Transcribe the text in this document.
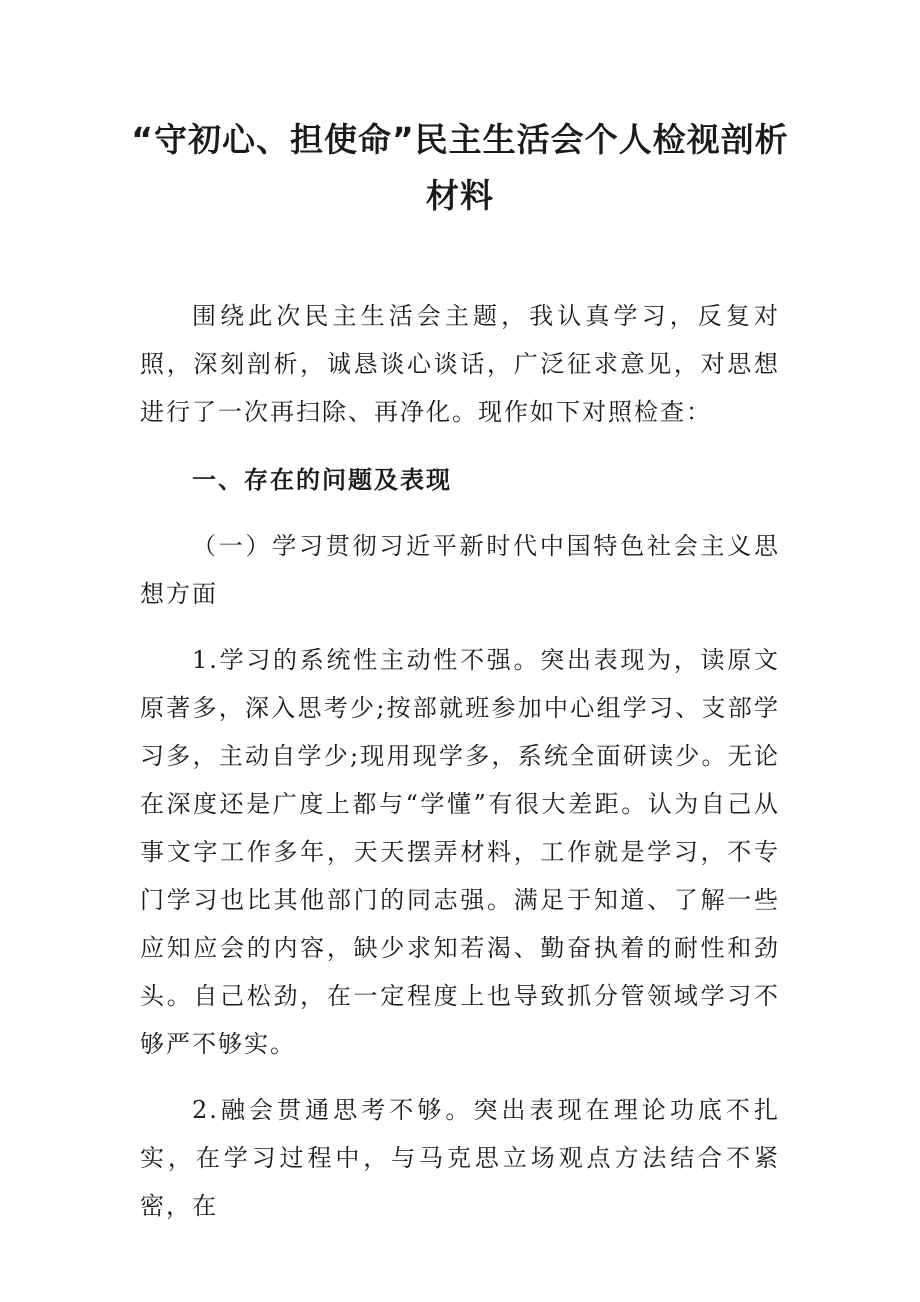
“守初心、担使命”民主生活会个人检视剖析材料

围绕此次民主生活会主题，我认真学习，反复对照，深刻剖析，诚恳谈心谈话，广泛征求意见，对思想进行了一次再扫除、再净化。现作如下对照检查：

一、存在的问题及表现

（一）学习贯彻习近平新时代中国特色社会主义思想方面

1.学习的系统性主动性不强。突出表现为，读原文原著多，深入思考少;按部就班参加中心组学习、支部学习多，主动自学少;现用现学多，系统全面研读少。无论在深度还是广度上都与“学懂”有很大差距。认为自己从事文字工作多年，天天摆弄材料，工作就是学习，不专门学习也比其他部门的同志强。满足于知道、了解一些应知应会的内容，缺少求知若渴、勤奋执着的耐性和劲头。自己松劲，在一定程度上也导致抓分管领域学习不够严不够实。

2.融会贯通思考不够。突出表现在理论功底不扎实，在学习过程中，与马克思立场观点方法结合不紧密，在
